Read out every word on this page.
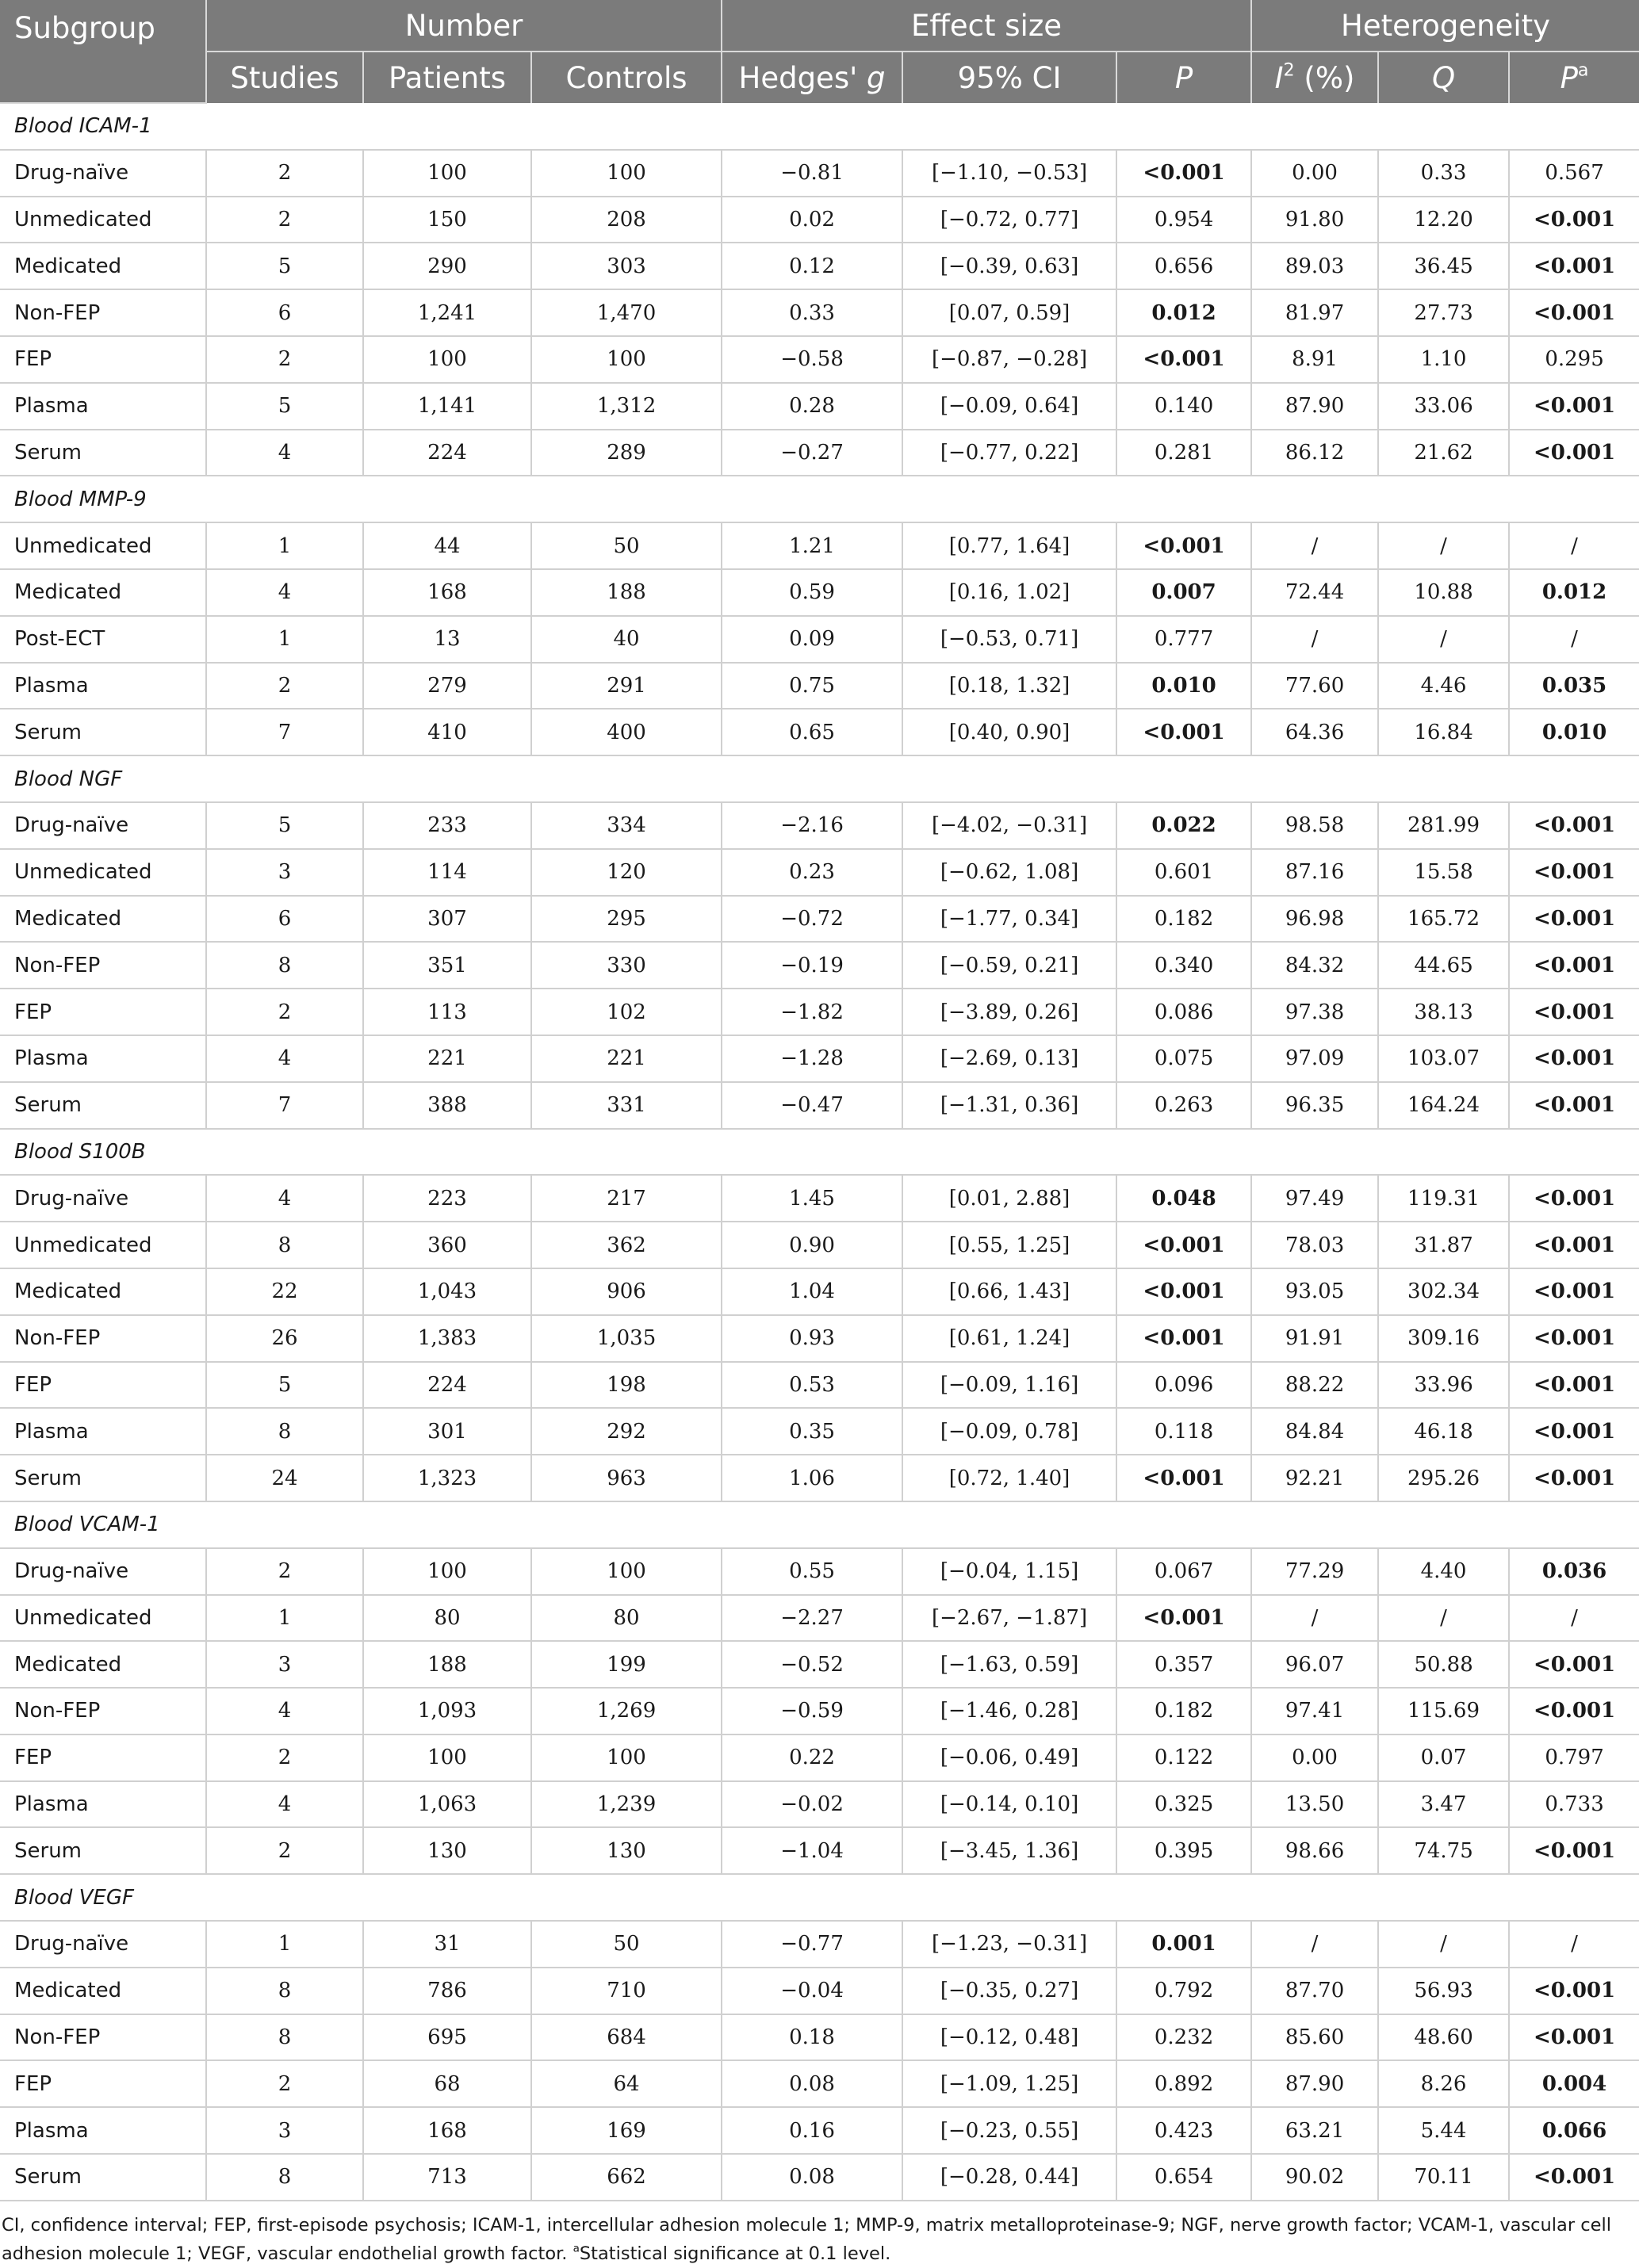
Subgroup	Number			Effect size			Heterogeneity		
	Studies	Patients	Controls	Hedges' g	95% CI	P	$I^2$ (%)	Q	$P^a$
Blood ICAM-1									
Drug-naïve	2	100	100	−0.81	[−1.10, −0.53]	<0.001	0.00	0.33	0.567
Unmedicated	2	150	208	0.02	[−0.72, 0.77]	0.954	91.80	12.20	<0.001
Medicated	5	290	303	0.12	[−0.39, 0.63]	0.656	89.03	36.45	<0.001
Non-FEP	6	1,241	1,470	0.33	[0.07, 0.59]	0.012	81.97	27.73	<0.001
FEP	2	100	100	−0.58	[−0.87, −0.28]	<0.001	8.91	1.10	0.295
Plasma	5	1,141	1,312	0.28	[−0.09, 0.64]	0.140	87.90	33.06	<0.001
Serum	4	224	289	−0.27	[−0.77, 0.22]	0.281	86.12	21.62	<0.001
Blood MMP-9									
Unmedicated	1	44	50	1.21	[0.77, 1.64]	<0.001	/	/	/
Medicated	4	168	188	0.59	[0.16, 1.02]	0.007	72.44	10.88	0.012
Post-ECT	1	13	40	0.09	[−0.53, 0.71]	0.777	/	/	/
Plasma	2	279	291	0.75	[0.18, 1.32]	0.010	77.60	4.46	0.035
Serum	7	410	400	0.65	[0.40, 0.90]	<0.001	64.36	16.84	0.010
Blood NGF									
Drug-naïve	5	233	334	−2.16	[−4.02, −0.31]	0.022	98.58	281.99	<0.001
Unmedicated	3	114	120	0.23	[−0.62, 1.08]	0.601	87.16	15.58	<0.001
Medicated	6	307	295	−0.72	[−1.77, 0.34]	0.182	96.98	165.72	<0.001
Non-FEP	8	351	330	−0.19	[−0.59, 0.21]	0.340	84.32	44.65	<0.001
FEP	2	113	102	−1.82	[−3.89, 0.26]	0.086	97.38	38.13	<0.001
Plasma	4	221	221	−1.28	[−2.69, 0.13]	0.075	97.09	103.07	<0.001
Serum	7	388	331	−0.47	[−1.31, 0.36]	0.263	96.35	164.24	<0.001
Blood S100B									
Drug-naïve	4	223	217	1.45	[0.01, 2.88]	0.048	97.49	119.31	<0.001
Unmedicated	8	360	362	0.90	[0.55, 1.25]	<0.001	78.03	31.87	<0.001
Medicated	22	1,043	906	1.04	[0.66, 1.43]	<0.001	93.05	302.34	<0.001
Non-FEP	26	1,383	1,035	0.93	[0.61, 1.24]	<0.001	91.91	309.16	<0.001
FEP	5	224	198	0.53	[−0.09, 1.16]	0.096	88.22	33.96	<0.001
Plasma	8	301	292	0.35	[−0.09, 0.78]	0.118	84.84	46.18	<0.001
Serum	24	1,323	963	1.06	[0.72, 1.40]	<0.001	92.21	295.26	<0.001
Blood VCAM-1									
Drug-naïve	2	100	100	0.55	[−0.04, 1.15]	0.067	77.29	4.40	0.036
Unmedicated	1	80	80	−2.27	[−2.67, −1.87]	<0.001	/	/	/
Medicated	3	188	199	−0.52	[−1.63, 0.59]	0.357	96.07	50.88	<0.001
Non-FEP	4	1,093	1,269	−0.59	[−1.46, 0.28]	0.182	97.41	115.69	<0.001
FEP	2	100	100	0.22	[−0.06, 0.49]	0.122	0.00	0.07	0.797
Plasma	4	1,063	1,239	−0.02	[−0.14, 0.10]	0.325	13.50	3.47	0.733
Serum	2	130	130	−1.04	[−3.45, 1.36]	0.395	98.66	74.75	<0.001
Blood VEGF									
Drug-naïve	1	31	50	−0.77	[−1.23, −0.31]	0.001	/	/	/
Medicated	8	786	710	−0.04	[−0.35, 0.27]	0.792	87.70	56.93	<0.001
Non-FEP	8	695	684	0.18	[−0.12, 0.48]	0.232	85.60	48.60	<0.001
FEP	2	68	64	0.08	[−1.09, 1.25]	0.892	87.90	8.26	0.004
Plasma	3	168	169	0.16	[−0.23, 0.55]	0.423	63.21	5.44	0.066
Serum	8	713	662	0.08	[−0.28, 0.44]	0.654	90.02	70.11	<0.001
CI, confidence interval; FEP, first-episode psychosis; ICAM-1, intercellular adhesion molecule 1; MMP-9, matrix metalloproteinase-9; NGF, nerve growth factor; VCAM-1, vascular cell adhesion molecule 1; VEGF, vascular endothelial growth factor. $^a$Statistical significance at 0.1 level.
